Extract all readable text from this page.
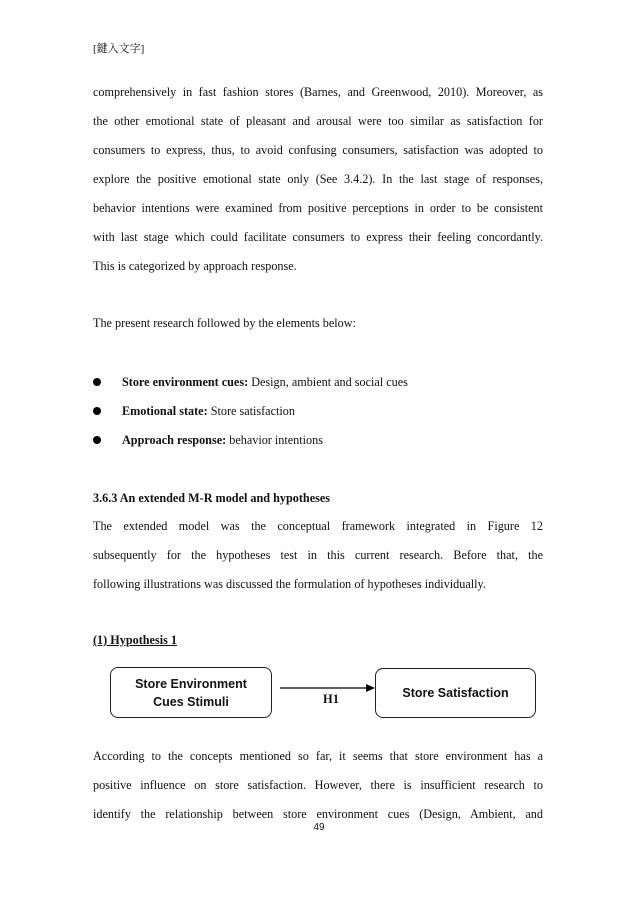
[鍵入文字]
comprehensively in fast fashion stores (Barnes, and Greenwood, 2010). Moreover, as
the other emotional state of pleasant and arousal were too similar as satisfaction for
consumers to express, thus, to avoid confusing consumers, satisfaction was adopted to
explore the positive emotional state only (See 3.4.2). In the last stage of responses,
behavior intentions were examined from positive perceptions in order to be consistent
with last stage which could facilitate consumers to express their feeling concordantly.
This is categorized by approach response.
The present research followed by the elements below:
Store environment cues: Design, ambient and social cues
Emotional state: Store satisfaction
Approach response: behavior intentions
3.6.3 An extended M-R model and hypotheses
The extended model was the conceptual framework integrated in Figure 12
subsequently for the hypotheses test in this current research. Before that, the
following illustrations was discussed the formulation of hypotheses individually.
(1) Hypothesis 1
Store Environment
Cues Stimuli	H1	Store Satisfaction
According to the concepts mentioned so far, it seems that store environment has a
positive influence on store satisfaction. However, there is insufficient research to
identify the relationship between store environment cues (Design, Ambient, and
49
